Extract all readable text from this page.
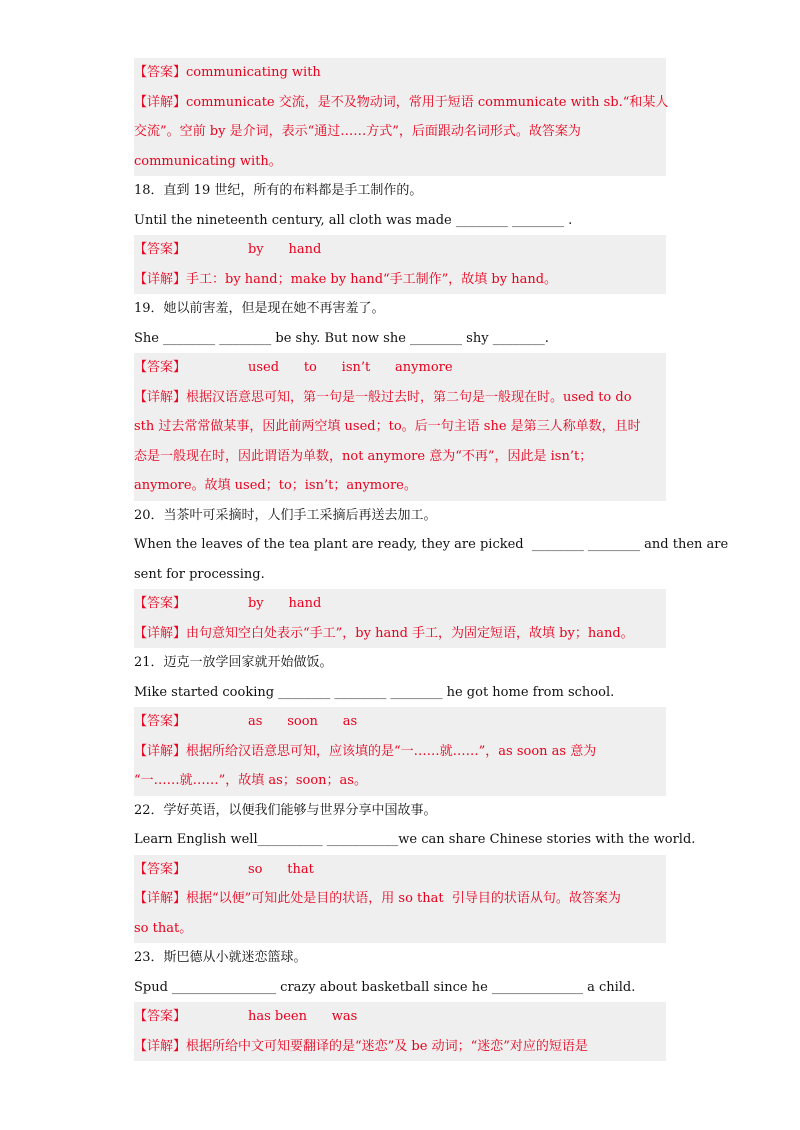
【答案】communicating with
【详解】communicate 交流，是不及物动词，常用于短语 communicate with sb.“和某人
交流”。空前 by 是介词，表示“通过……方式”，后面跟动名词形式。故答案为
communicating with。
18．直到 19 世纪，所有的布料都是手工制作的。
Until the nineteenth century, all cloth was made ________ ________ .
【答案】               by      hand
【详解】手工：by hand；make by hand“手工制作”，故填 by hand。
19．她以前害羞，但是现在她不再害羞了。
She ________ ________ be shy. But now she ________ shy ________.
【答案】               used      to      isn’t      anymore
【详解】根据汉语意思可知，第一句是一般过去时，第二句是一般现在时。used to do
sth 过去常常做某事，因此前两空填 used；to。后一句主语 she 是第三人称单数，且时
态是一般现在时，因此谓语为单数，not anymore 意为“不再”，因此是 isn’t；
anymore。故填 used；to；isn’t；anymore。
20．当茶叶可采摘时，人们手工采摘后再送去加工。
When the leaves of the tea plant are ready, they are picked  ________ ________ and then are
sent for processing.
【答案】               by      hand
【详解】由句意知空白处表示“手工”，by hand 手工，为固定短语，故填 by；hand。
21．迈克一放学回家就开始做饭。
Mike started cooking ________ ________ ________ he got home from school.
【答案】               as      soon      as
【详解】根据所给汉语意思可知，应该填的是“一……就……”，as soon as 意为
“一……就……”，故填 as；soon；as。
22．学好英语，以便我们能够与世界分享中国故事。
Learn English well__________ ___________we can share Chinese stories with the world.
【答案】               so      that
【详解】根据“以便”可知此处是目的状语，用 so that  引导目的状语从句。故答案为
so that。
23．斯巴德从小就迷恋篮球。
Spud ________________ crazy about basketball since he ______________ a child.
【答案】               has been      was
【详解】根据所给中文可知要翻译的是“迷恋”及 be 动词；“迷恋”对应的短语是
